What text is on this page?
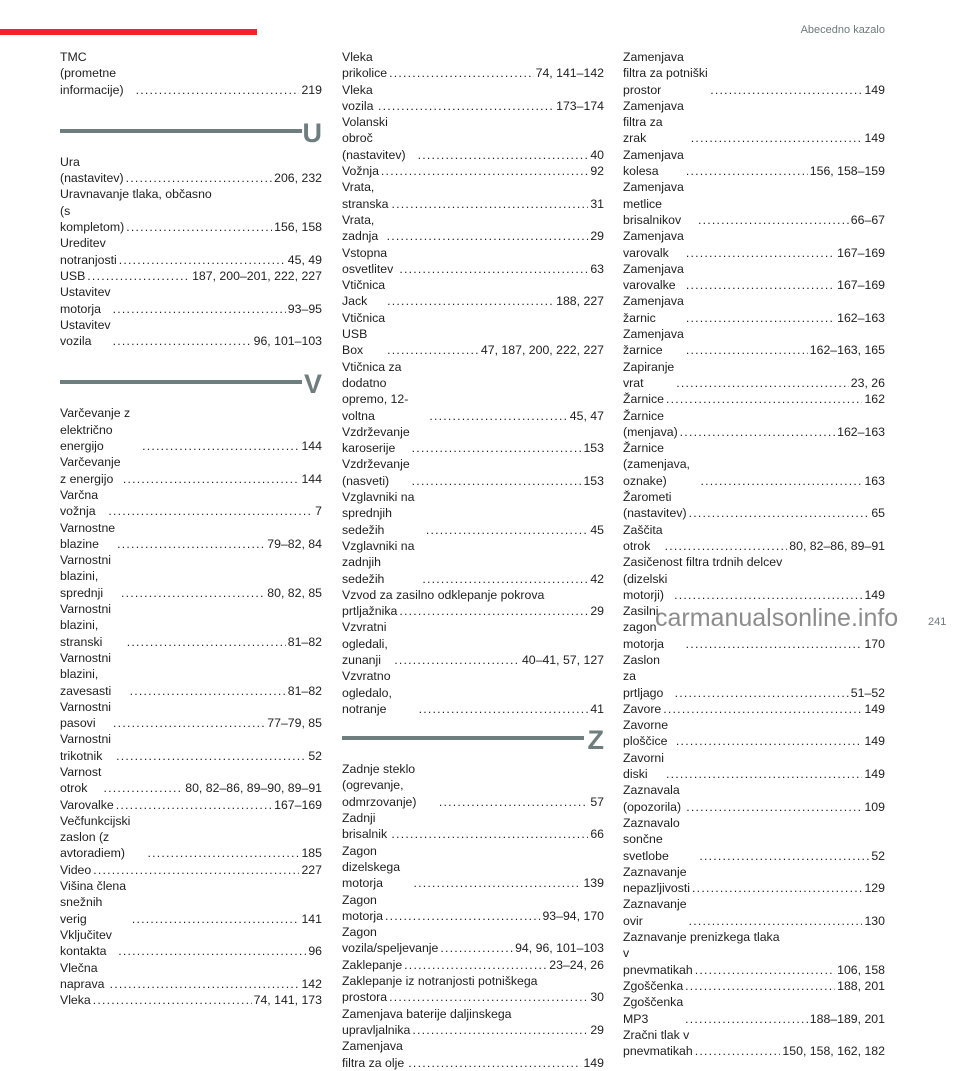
Abecedno kazalo
TMC (prometne informacije) . . .	219
U
Ura (nastavitev) . . .	206, 232
Uravnavanje tlaka, občasno
(s kompletom) . . .	156, 158
Ureditev notranjosti . . .	45, 49
USB . . .	187, 200–201, 222, 227
Ustavitev motorja . . .	93–95
Ustavitev vozila . . .	96, 101–103
V
Varčevanje z električno energijo . . .	144
Varčevanje z energijo . . .	144
Varčna vožnja . . .	7
Varnostne blazine . . .	79–82, 84
Varnostni blazini, sprednji . . .	80, 82, 85
Varnostni blazini, stranski . . .	81–82
Varnostni blazini, zavesasti . . .	81–82
Varnostni pasovi . . .	77–79, 85
Varnostni trikotnik . . .	52
Varnost otrok . . .	80, 82–86, 89–90, 89–91
Varovalke . . .	167–169
Večfunkcijski zaslon (z avtoradiem) . . .	185
Video . . .	227
Višina člena snežnih verig . . .	141
Vključitev kontakta . . .	96
Vlečna naprava . . .	142
Vleka . . .	74, 141, 173
Vleka prikolice . . .	74, 141–142
Vleka vozila . . .	173–174
Volanski obroč (nastavitev) . . .	40
Vožnja . . .	92
Vrata, stranska . . .	31
Vrata, zadnja . . .	29
Vstopna osvetlitev . . .	63
Vtičnica Jack . . .	188, 227
Vtičnica USB Box . . .	47, 187, 200, 222, 227
Vtičnica za dodatno opremo, 12-voltna . . .	45, 47
Vzdrževanje karoserije . . .	153
Vzdrževanje (nasveti) . . .	153
Vzglavniki na sprednjih sedežih . . .	45
Vzglavniki na zadnjih sedežih . . .	42
Vzvod za zasilno odklepanje pokrova
prtljažnika . . .	29
Vzvratni ogledali, zunanji . . .	40–41, 57, 127
Vzvratno ogledalo, notranje . . .	41
Z
Zadnje steklo (ogrevanje, odmrzovanje) . . .	57
Zadnji brisalnik . . .	66
Zagon dizelskega motorja . . .	139
Zagon motorja . . .	93–94, 170
Zagon vozila/speljevanje . . .	94, 96, 101–103
Zaklepanje . . .	23–24, 26
Zaklepanje iz notranjosti potniškega
prostora . . .	30
Zamenjava baterije daljinskega
upravljalnika . . .	29
Zamenjava filtra za olje . . .	149
Zamenjava filtra za potniški prostor . . .	149
Zamenjava filtra za zrak . . .	149
Zamenjava kolesa . . .	156, 158–159
Zamenjava metlice brisalnikov . . .	66–67
Zamenjava varovalk . . .	167–169
Zamenjava varovalke . . .	167–169
Zamenjava žarnic . . .	162–163
Zamenjava žarnice . . .	162–163, 165
Zapiranje vrat . . .	23, 26
Žarnice . . .	162
Žarnice (menjava) . . .	162–163
Žarnice (zamenjava, oznake) . . .	163
Žarometi (nastavitev) . . .	65
Zaščita otrok . . .	80, 82–86, 89–91
Zasičenost filtra trdnih delcev
(dizelski motorji) . . .	149
Zasilni zagon motorja . . .	170
Zaslon za prtljago . . .	51–52
Zavore . . .	149
Zavorne ploščice . . .	149
Zavorni diski . . .	149
Zaznavala (opozorila) . . .	109
Zaznavalo sončne svetlobe . . .	52
Zaznavanje nepazljivosti . . .	129
Zaznavanje ovir . . .	130
Zaznavanje prenizkega tlaka
v pnevmatikah . . .	106, 158
Zgoščenka . . .	188, 201
Zgoščenka MP3 . . .	188–189, 201
Zračni tlak v pnevmatikah . . .	150, 158, 162, 182
carmanualsonline.info	241
